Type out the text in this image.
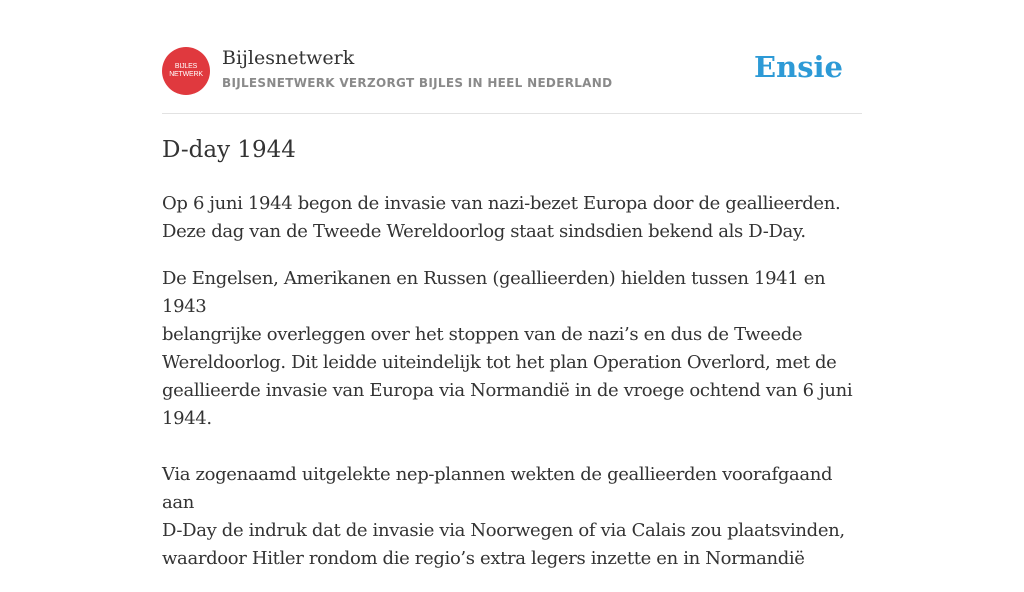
BIJLES
NETWERK
Bijlesnetwerk
BIJLESNETWERK VERZORGT BIJLES IN HEEL NEDERLAND	Ensie
D-day 1944

Op 6 juni 1944 begon de invasie van nazi-bezet Europa door de geallieerden.
Deze dag van de Tweede Wereldoorlog staat sindsdien bekend als D-Day.

De Engelsen, Amerikanen en Russen (geallieerden) hielden tussen 1941 en 1943
belangrijke overleggen over het stoppen van de nazi’s en dus de Tweede
Wereldoorlog. Dit leidde uiteindelijk tot het plan Operation Overlord, met de
geallieerde invasie van Europa via Normandië in de vroege ochtend van 6 juni
1944.

Via zogenaamd uitgelekte nep-plannen wekten de geallieerden voorafgaand aan
D-Day de indruk dat de invasie via Noorwegen of via Calais zou plaatsvinden,
waardoor Hitler rondom die regio’s extra legers inzette en in Normandië
